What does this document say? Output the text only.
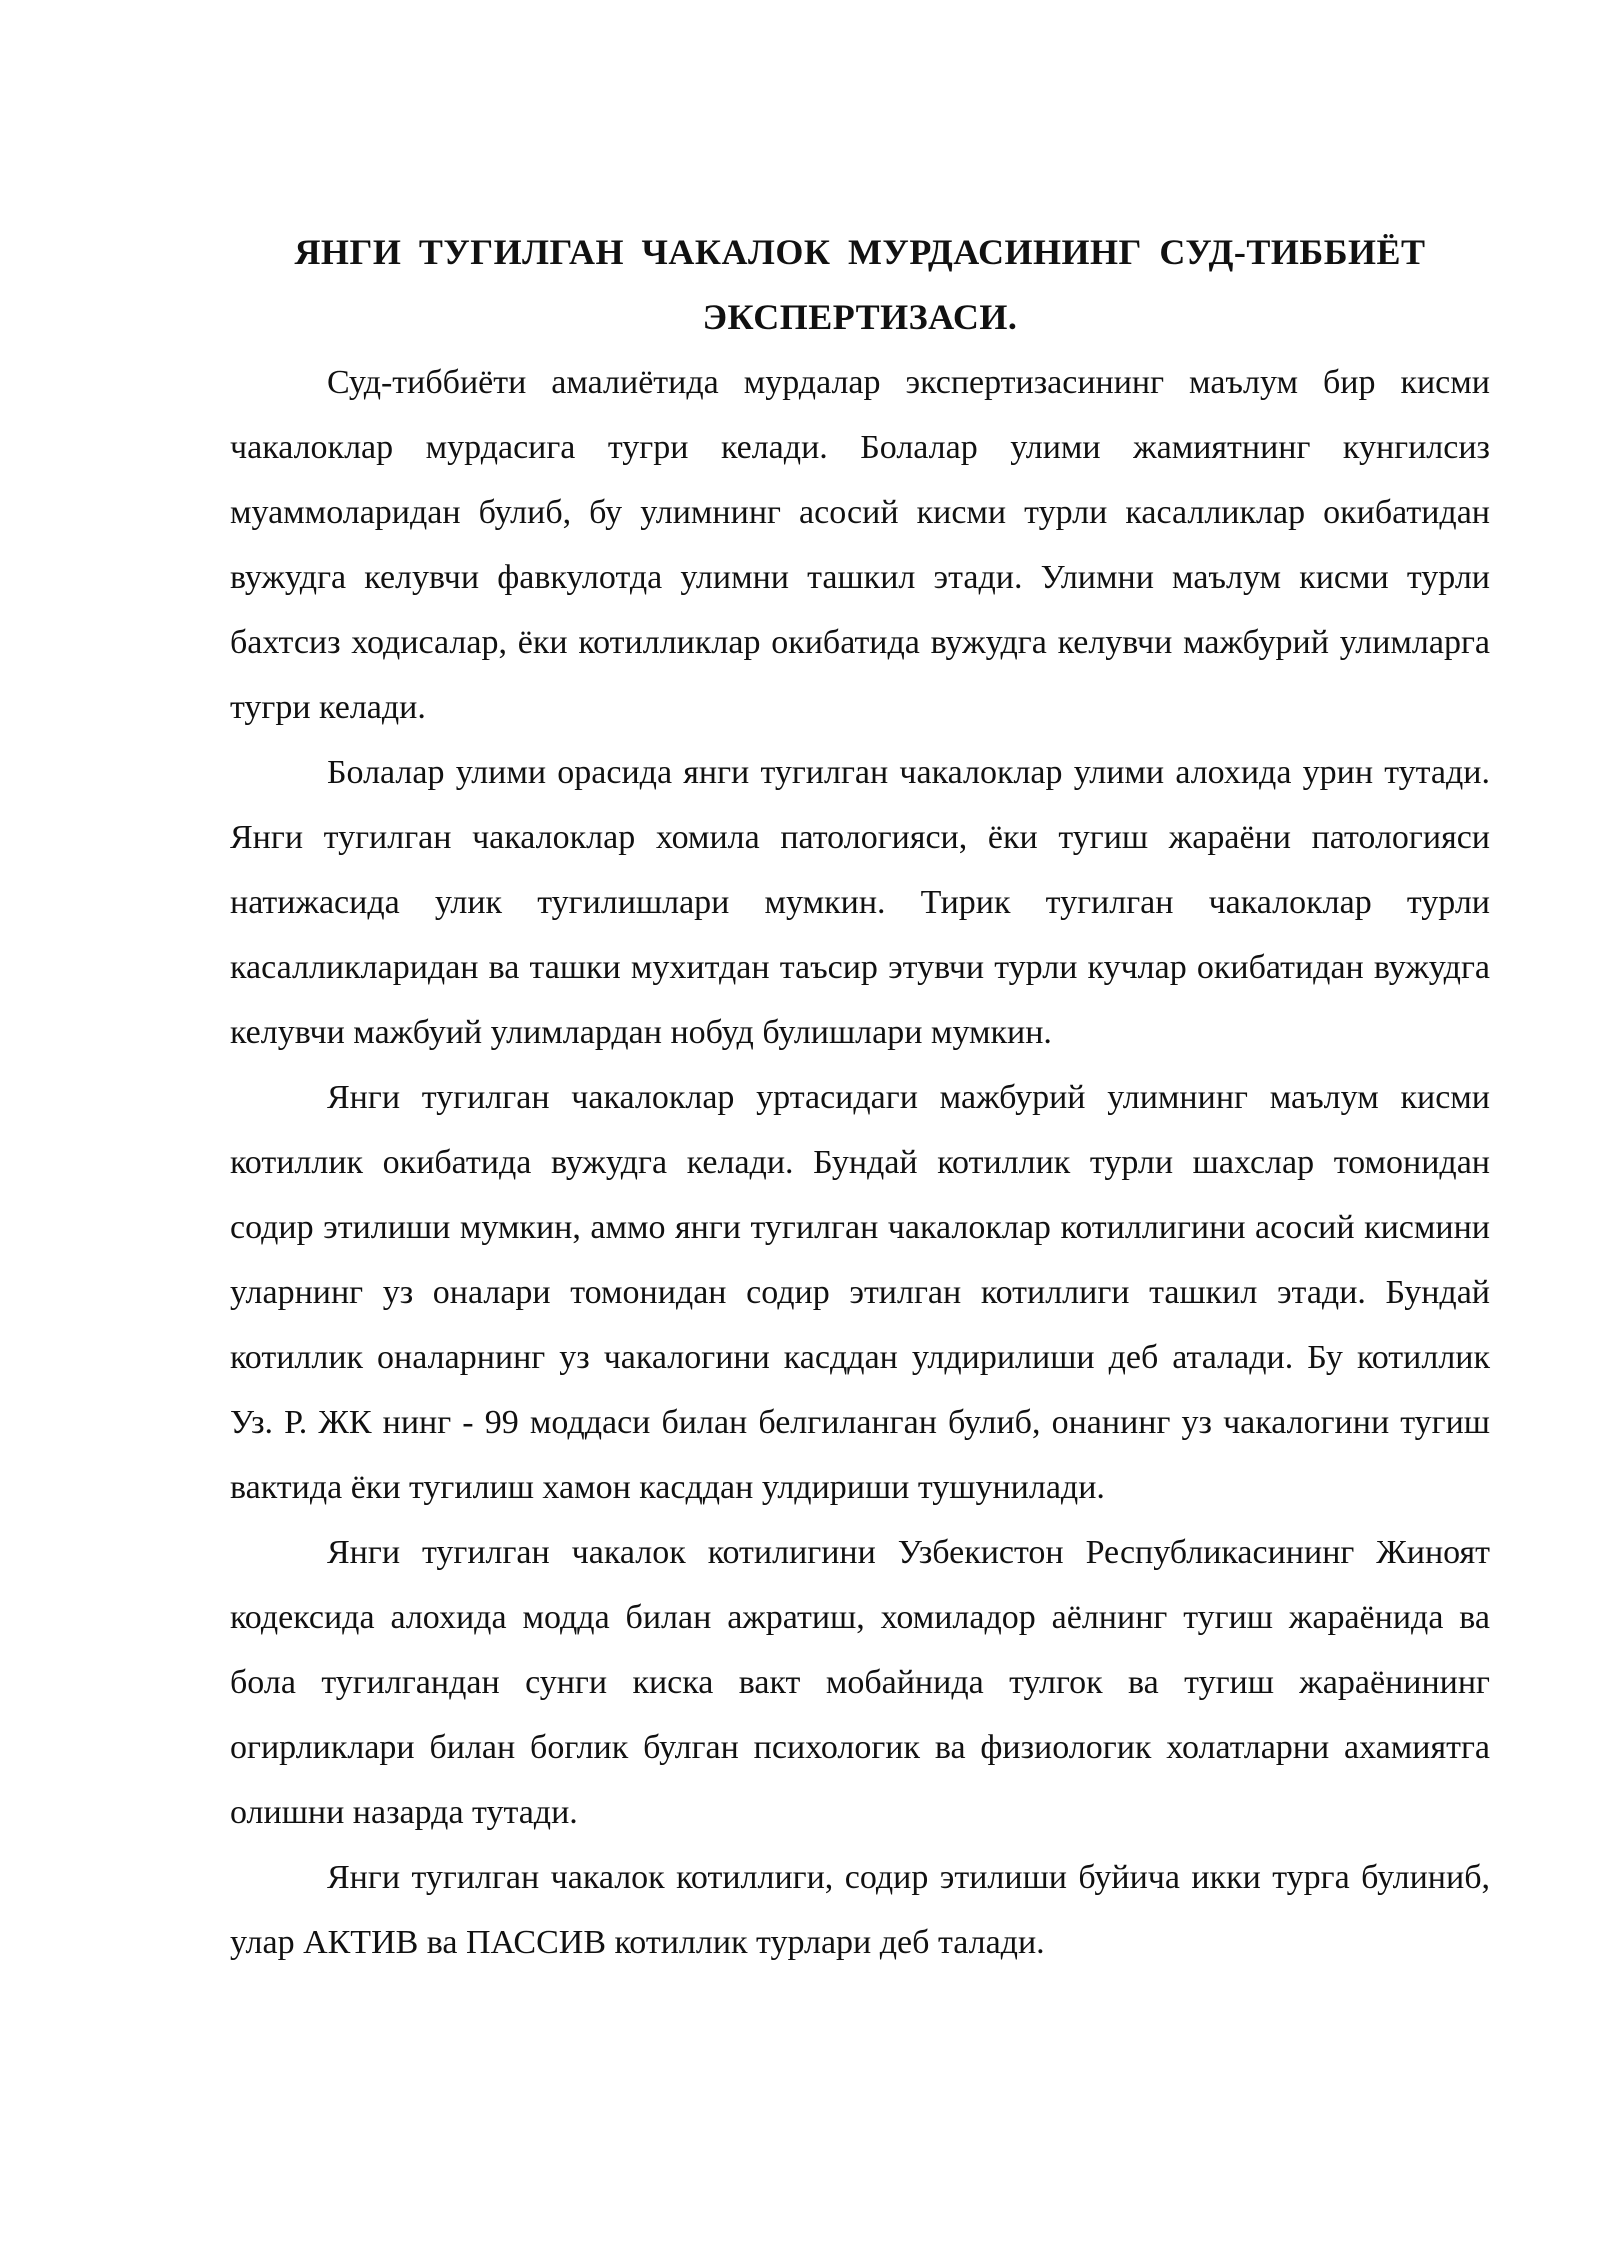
ЯНГИ ТУГИЛГАН ЧАКАЛОК МУРДАСИНИНГ СУД-ТИББИЁТ
ЭКСПЕРТИЗАСИ.

Суд-тиббиёти амалиётида мурдалар экспертизасининг маълум бир кисми чакалоклар мурдасига тугри келади. Болалар улими жамиятнинг кунгилсиз муаммоларидан булиб, бу улимнинг асосий кисми турли касалликлар окибатидан вужудга келувчи фавкулотда улимни ташкил этади. Улимни маълум кисми турли бахтсиз ходисалар, ёки котилликлар окибатида вужудга келувчи мажбурий улимларга тугри келади.

Болалар улими орасида янги тугилган чакалоклар улими алохида урин тутади. Янги тугилган чакалоклар хомила патологияси, ёки тугиш жараёни патологияси натижасида улик тугилишлари мумкин. Тирик тугилган чакалоклар турли касалликларидан ва ташки мухитдан таъсир этувчи турли кучлар окибатидан вужудга келувчи мажбуий улимлардан нобуд булишлари мумкин.

Янги тугилган чакалоклар уртасидаги мажбурий улимнинг маълум кисми котиллик окибатида вужудга келади. Бундай котиллик турли шахслар томонидан содир этилиши мумкин, аммо янги тугилган чакалоклар котиллигини асосий кисмини уларнинг уз оналари томонидан содир этилган котиллиги ташкил этади. Бундай котиллик оналарнинг уз чакалогини касддан улдирилиши деб аталади. Бу котиллик Уз. Р. ЖК нинг - 99 моддаси билан белгиланган булиб, онанинг уз чакалогини тугиш вактида ёки тугилиш хамон касддан улдириши тушунилади.

Янги тугилган чакалок котилигини Узбекистон Республикасининг Жиноят кодексида алохида модда билан ажратиш, хомиладор аёлнинг тугиш жараёнида ва бола тугилгандан сунги киска вакт мобайнида тулгок ва тугиш жараёнининг огирликлари билан боглик булган психологик ва физиологик холатларни ахамиятга олишни назарда тутади.

Янги тугилган чакалок котиллиги, содир этилиши буйича икки турга булиниб, улар АКТИВ ва ПАССИВ котиллик турлари деб талади.
